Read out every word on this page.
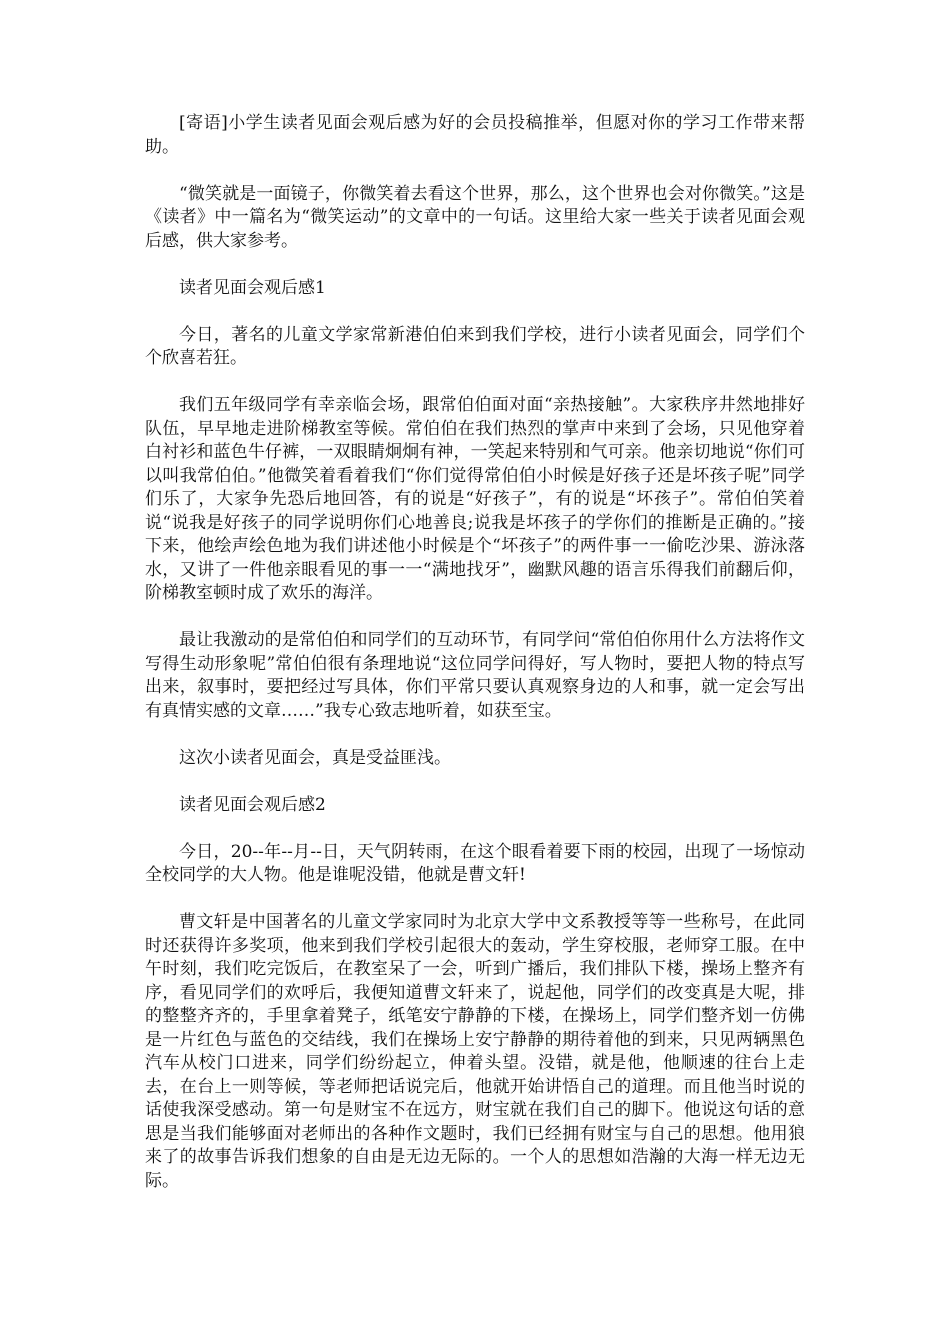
[寄语]小学生读者见面会观后感为好的会员投稿推举，但愿对你的学习工作带来帮助。

“微笑就是一面镜子，你微笑着去看这个世界，那么，这个世界也会对你微笑。”这是《读者》中一篇名为“微笑运动”的文章中的一句话。这里给大家一些关于读者见面会观后感，供大家参考。

读者见面会观后感1

今日，著名的儿童文学家常新港伯伯来到我们学校，进行小读者见面会，同学们个个欣喜若狂。

我们五年级同学有幸亲临会场，跟常伯伯面对面“亲热接触”。大家秩序井然地排好队伍，早早地走进阶梯教室等候。常伯伯在我们热烈的掌声中来到了会场，只见他穿着白衬衫和蓝色牛仔裤，一双眼睛炯炯有神，一笑起来特别和气可亲。他亲切地说“你们可以叫我常伯伯。”他微笑着看着我们“你们觉得常伯伯小时候是好孩子还是坏孩子呢”同学们乐了，大家争先恐后地回答，有的说是“好孩子”，有的说是“坏孩子”。常伯伯笑着说“说我是好孩子的同学说明你们心地善良;说我是坏孩子的学你们的推断是正确的。”接下来，他绘声绘色地为我们讲述他小时候是个“坏孩子”的两件事一一偷吃沙果、游泳落水，又讲了一件他亲眼看见的事一一“满地找牙”，幽默风趣的语言乐得我们前翻后仰，阶梯教室顿时成了欢乐的海洋。

最让我激动的是常伯伯和同学们的互动环节，有同学问“常伯伯你用什么方法将作文写得生动形象呢”常伯伯很有条理地说“这位同学问得好，写人物时，要把人物的特点写出来，叙事时，要把经过写具体，你们平常只要认真观察身边的人和事，就一定会写出有真情实感的文章……”我专心致志地听着，如获至宝。

这次小读者见面会，真是受益匪浅。

读者见面会观后感2

今日，20--年--月--日，天气阴转雨，在这个眼看着要下雨的校园，出现了一场惊动全校同学的大人物。他是谁呢没错，他就是曹文轩!

曹文轩是中国著名的儿童文学家同时为北京大学中文系教授等等一些称号，在此同时还获得许多奖项，他来到我们学校引起很大的轰动，学生穿校服，老师穿工服。在中午时刻，我们吃完饭后，在教室呆了一会，听到广播后，我们排队下楼，操场上整齐有序，看见同学们的欢呼后，我便知道曹文轩来了，说起他，同学们的改变真是大呢，排的整整齐齐的，手里拿着凳子，纸笔安宁静静的下楼，在操场上，同学们整齐划一仿佛是一片红色与蓝色的交结线，我们在操场上安宁静静的期待着他的到来，只见两辆黑色汽车从校门口进来，同学们纷纷起立，伸着头望。没错，就是他，他顺速的往台上走去，在台上一则等候，等老师把话说完后，他就开始讲悟自己的道理。而且他当时说的话使我深受感动。第一句是财宝不在远方，财宝就在我们自己的脚下。他说这句话的意思是当我们能够面对老师出的各种作文题时，我们已经拥有财宝与自己的思想。他用狼来了的故事告诉我们想象的自由是无边无际的。一个人的思想如浩瀚的大海一样无边无际。
